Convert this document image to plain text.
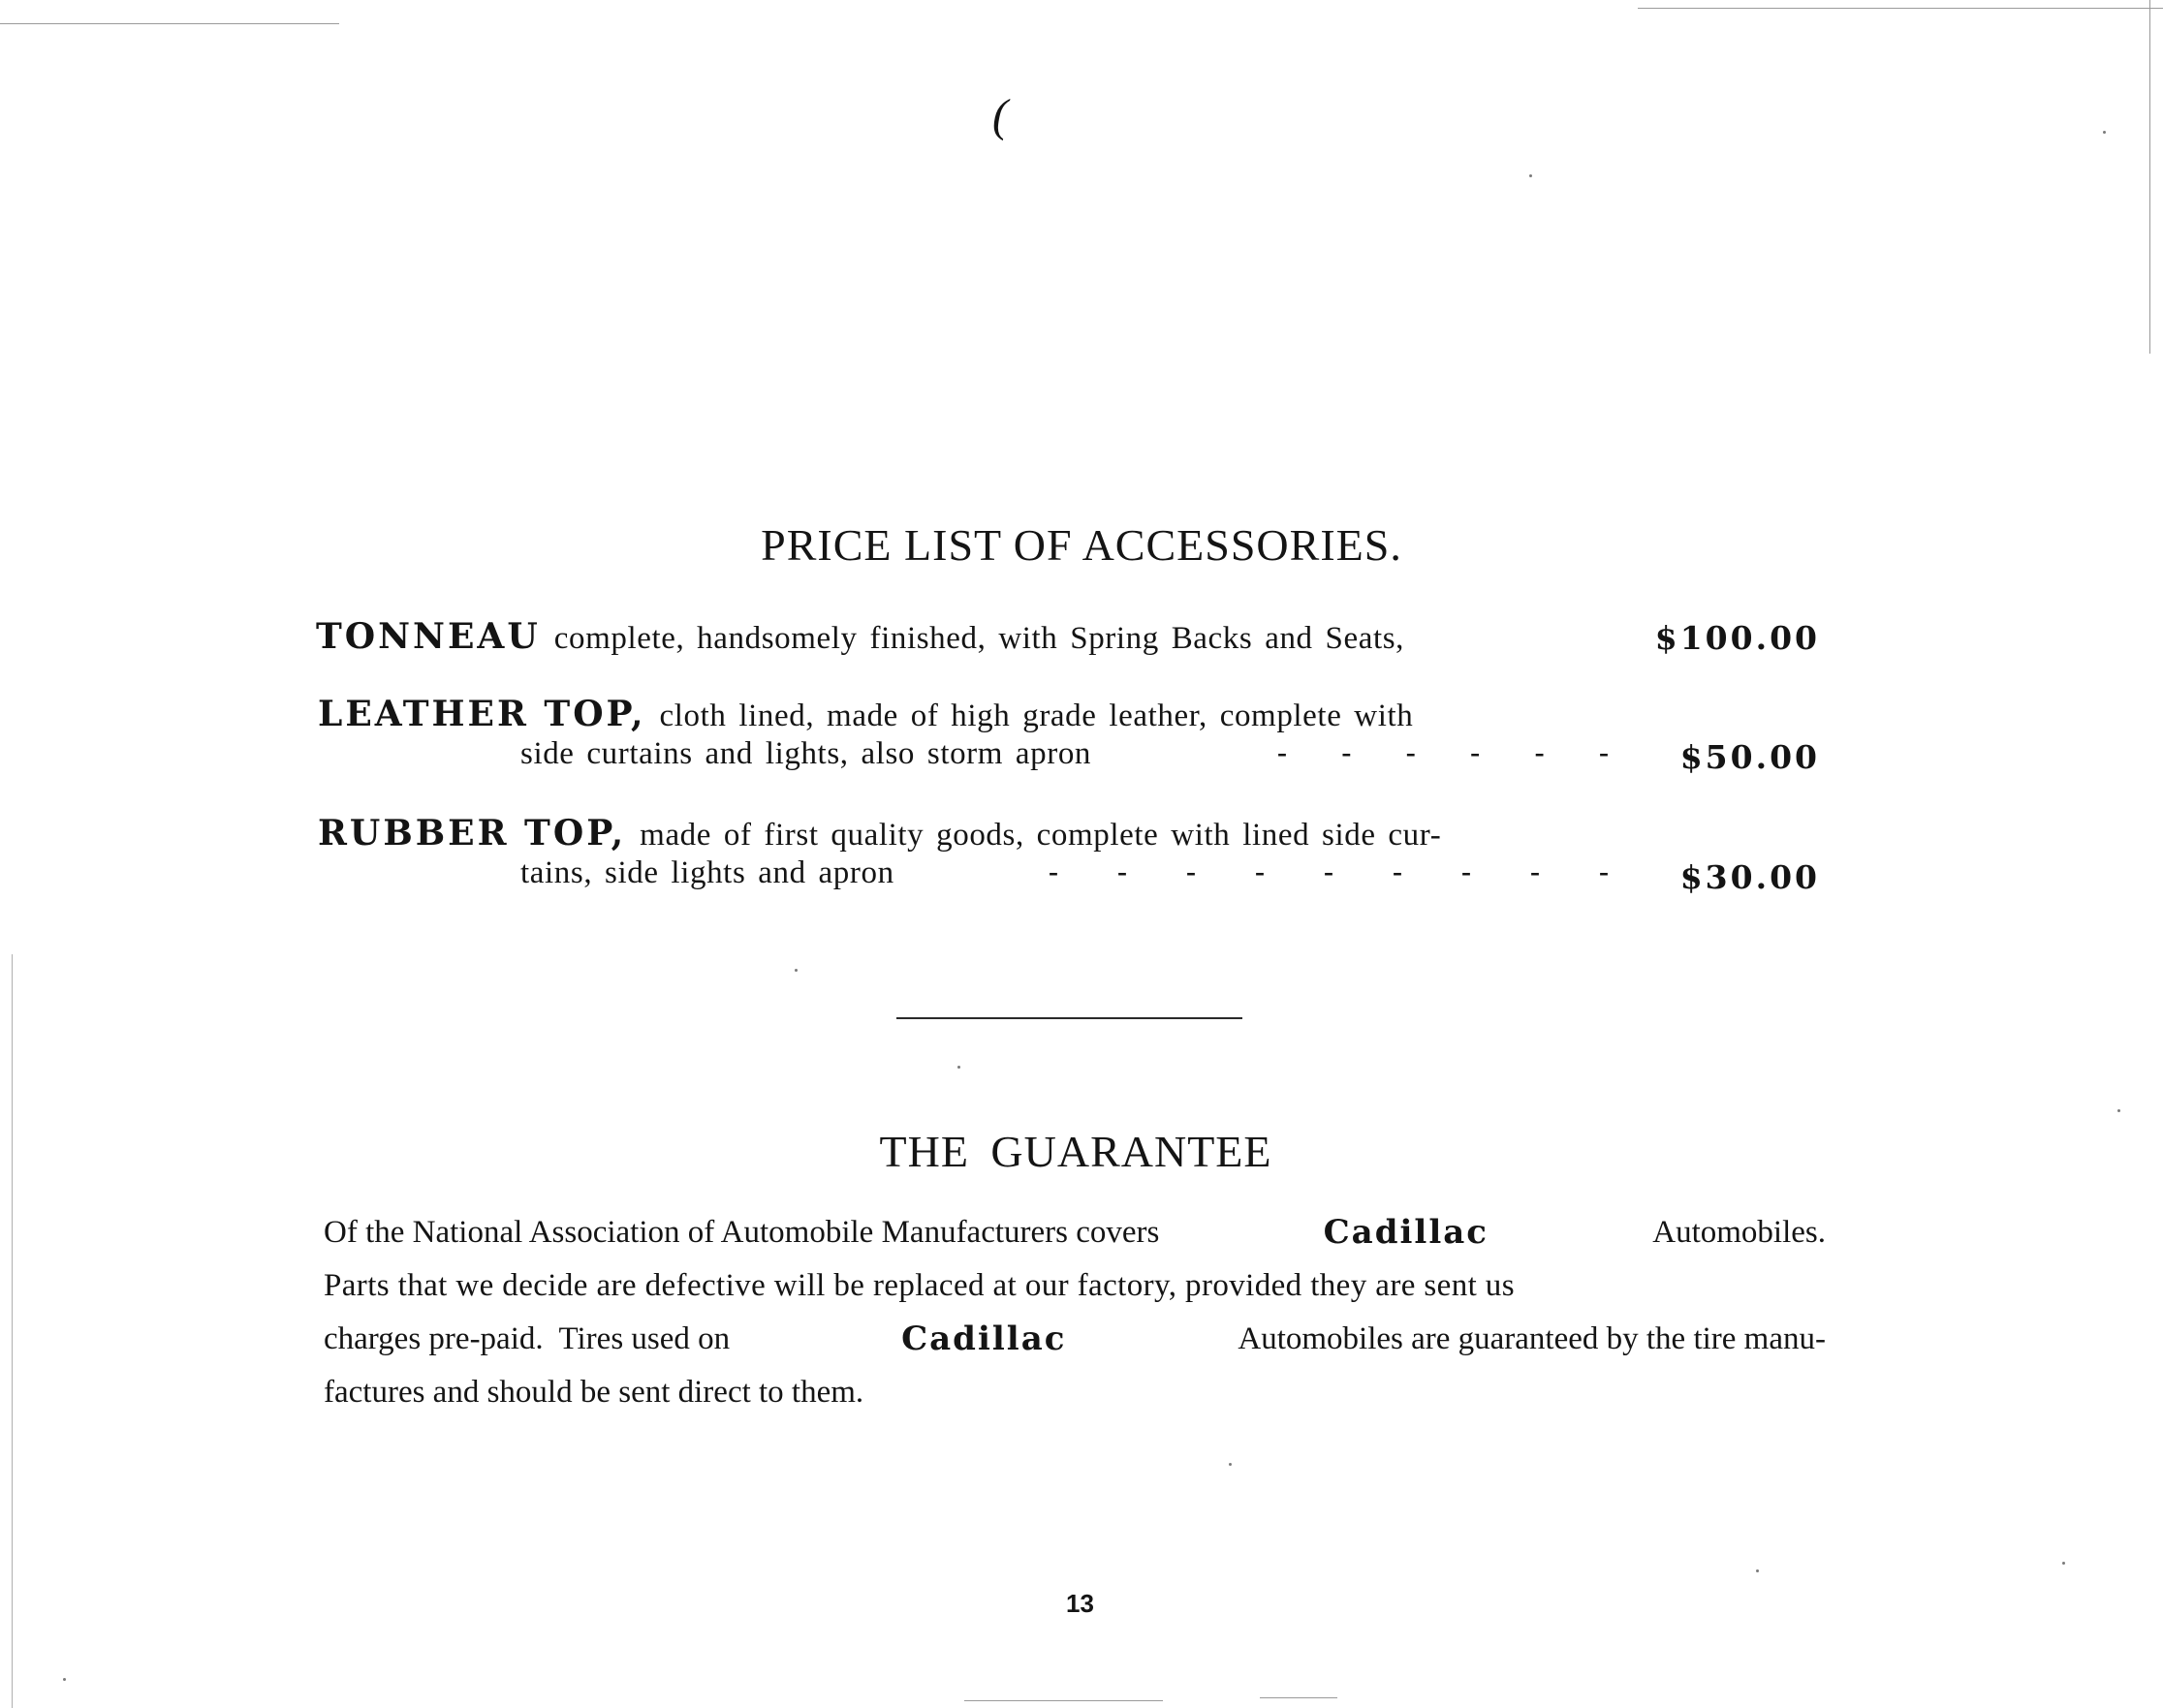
(
PRICE LIST OF ACCESSORIES.
TONNEAU complete, handsomely finished, with Spring Backs and Seats,	$100.00
LEATHER TOP, cloth lined, made of high grade leather, complete with
side curtains and lights, also storm apron	- - - - - - $50.00
RUBBER TOP, made of first quality goods, complete with lined side cur-
tains, side lights and apron	- - - - - - - - - $30.00
THE GUARANTEE

Of the National Association of Automobile Manufacturers covers	Cadillac	Automobiles.

Parts that we decide are defective will be replaced at our factory, provided they are sent us

charges pre-paid.  Tires used on	Cadillac	Automobiles are guaranteed by the tire manu-

factures and should be sent direct to them.

13
